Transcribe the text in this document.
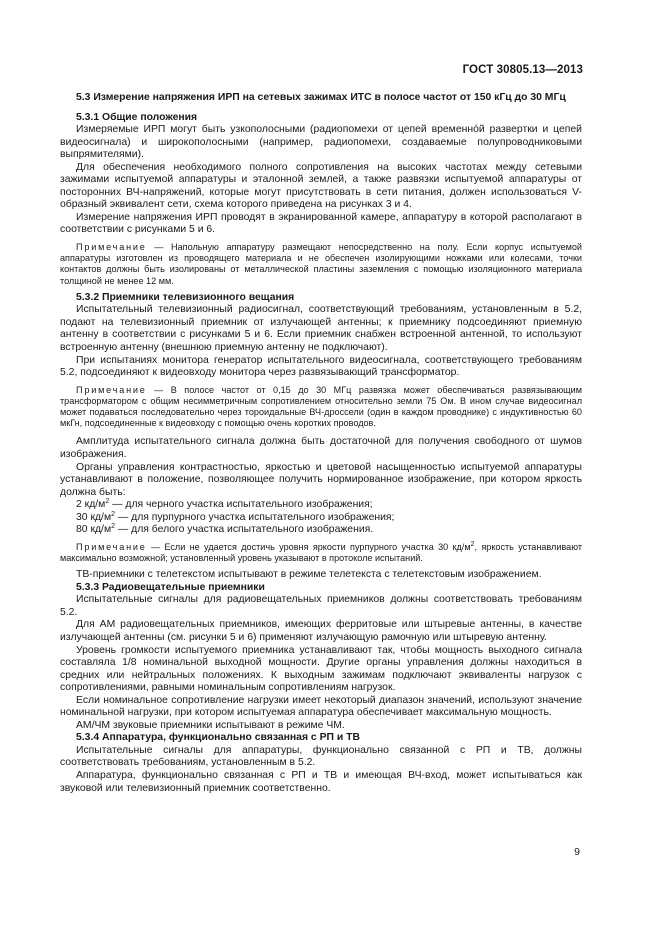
ГОСТ 30805.13—2013

5.3 Измерение напряжения ИРП на сетевых зажимах ИТС в полосе частот от 150 кГц до 30 МГц

5.3.1 Общие положения

Измеряемые ИРП могут быть узкополосными (радиопомехи от цепей временнóй развертки и цепей видеосигнала) и широкополосными (например, радиопомехи, создаваемые полупроводниковыми выпрямителями).

Для обеспечения необходимого полного сопротивления на высоких частотах между сетевыми зажимами испытуемой аппаратуры и эталонной землей, а также развязки испытуемой аппаратуры от посторонних ВЧ-напряжений, которые могут присутствовать в сети питания, должен использоваться V-образный эквивалент сети, схема которого приведена на рисунках 3 и 4.

Измерение напряжения ИРП проводят в экранированной камере, аппаратуру в которой располагают в соответствии с рисунками 5 и 6.

Примечание — Напольную аппаратуру размещают непосредственно на полу. Если корпус испытуемой аппаратуры изготовлен из проводящего материала и не обеспечен изолирующими ножками или колесами, точки контактов должны быть изолированы от металлической пластины заземления с помощью изоляционного материала толщиной не менее 12 мм.

5.3.2 Приемники телевизионного вещания

Испытательный телевизионный радиосигнал, соответствующий требованиям, установленным в 5.2, подают на телевизионный приемник от излучающей антенны; к приемнику подсоединяют приемную антенну в соответствии с рисунками 5 и 6. Если приемник снабжен встроенной антенной, то используют встроенную антенну (внешнюю приемную антенну не подключают).

При испытаниях монитора генератор испытательного видеосигнала, соответствующего требованиям 5.2, подсоединяют к видеовходу монитора через развязывающий трансформатор.

Примечание — В полосе частот от 0,15 до 30 МГц развязка может обеспечиваться развязывающим трансформатором с общим несимметричным сопротивлением относительно земли 75 Ом. В ином случае видеосигнал может подаваться последовательно через тороидальные ВЧ-дроссели (один в каждом проводнике) с индуктивностью 60 мкГн, подсоединенные к видеовходу с помощью очень коротких проводов.

Амплитуда испытательного сигнала должна быть достаточной для получения свободного от шумов изображения.

Органы управления контрастностью, яркостью и цветовой насыщенностью испытуемой аппаратуры устанавливают в положение, позволяющее получить нормированное изображение, при котором яркость должна быть:

2 $кд/м^2$ — для черного участка испытательного изображения;

30 $кд/м^2$ — для пурпурного участка испытательного изображения;

80 $кд/м^2$ — для белого участка испытательного изображения.

Примечание — Если не удается достичь уровня яркости пурпурного участка 30 $кд/м^2$, яркость устанавливают максимально возможной; установленный уровень указывают в протоколе испытаний.

ТВ-приемники с телетекстом испытывают в режиме телетекста с телетекстовым изображением.

5.3.3 Радиовещательные приемники

Испытательные сигналы для радиовещательных приемников должны соответствовать требованиям 5.2.

Для AM радиовещательных приемников, имеющих ферритовые или штыревые антенны, в качестве излучающей антенны (см. рисунки 5 и 6) применяют излучающую рамочную или штыревую антенну.

Уровень громкости испытуемого приемника устанавливают так, чтобы мощность выходного сигнала составляла 1/8 номинальной выходной мощности. Другие органы управления должны находиться в средних или нейтральных положениях. К выходным зажимам подключают эквиваленты нагрузок с сопротивлениями, равными номинальным сопротивлениям нагрузок.

Если номинальное сопротивление нагрузки имеет некоторый диапазон значений, используют значение номинальной нагрузки, при котором испытуемая аппаратура обеспечивает максимальную мощность.

АМ/ЧМ звуковые приемники испытывают в режиме ЧМ.

5.3.4 Аппаратура, функционально связанная с РП и ТВ

Испытательные сигналы для аппаратуры, функционально связанной с РП и ТВ, должны соответствовать требованиям, установленным в 5.2.

Аппаратура, функционально связанная с РП и ТВ и имеющая ВЧ-вход, может испытываться как звуковой или телевизионный приемник соответственно.

9
